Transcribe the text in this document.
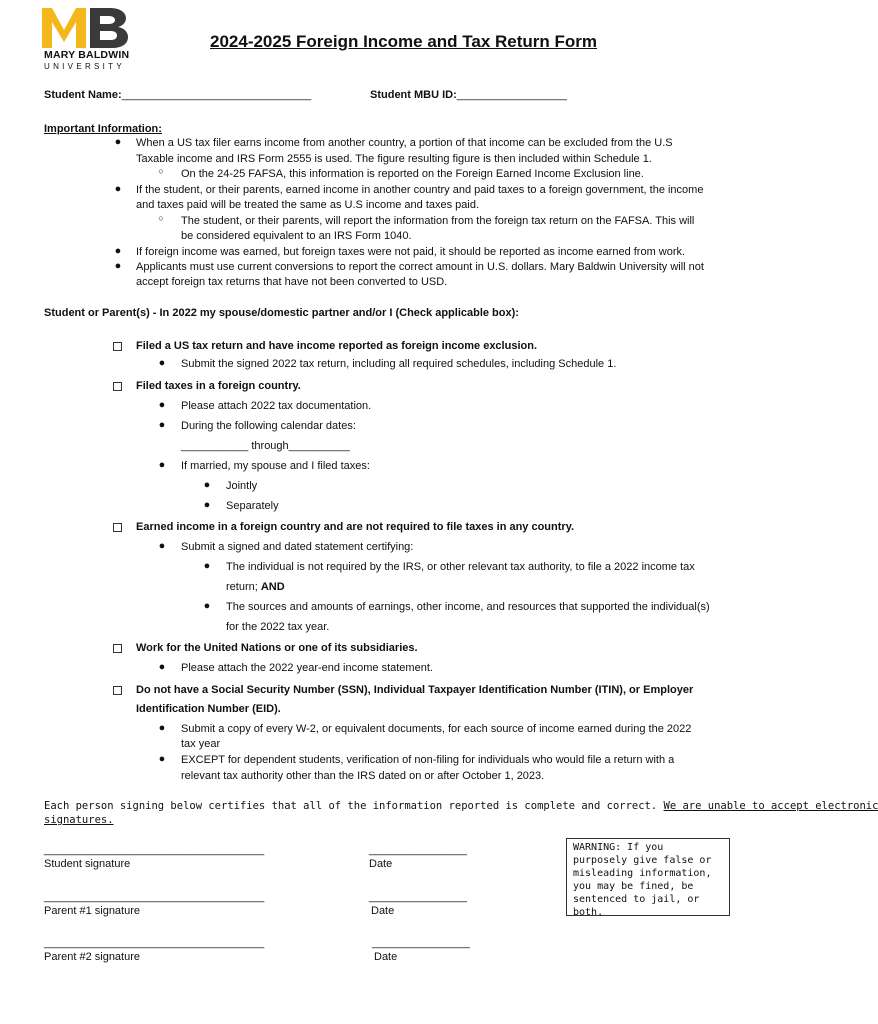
MARY BALDWIN
UNIVERSITY
2024-2025 Foreign Income and Tax Return Form
Student Name:_______________________________	Student MBU ID:__________________
Important Information:
● When a US tax filer earns income from another country, a portion of that income can be excluded from the U.S
Taxable income and IRS Form 2555 is used. The figure resulting figure is then included within Schedule 1.
○ On the 24-25 FAFSA, this information is reported on the Foreign Earned Income Exclusion line.
● If the student, or their parents, earned income in another country and paid taxes to a foreign government, the income
and taxes paid will be treated the same as U.S income and taxes paid.
○ The student, or their parents, will report the information from the foreign tax return on the FAFSA. This will
be considered equivalent to an IRS Form 1040.
● If foreign income was earned, but foreign taxes were not paid, it should be reported as income earned from work.
● Applicants must use current conversions to report the correct amount in U.S. dollars. Mary Baldwin University will not
accept foreign tax returns that have not been converted to USD.
Student or Parent(s) - In 2022 my spouse/domestic partner and/or I (Check applicable box):
Filed a US tax return and have income reported as foreign income exclusion.
● Submit the signed 2022 tax return, including all required schedules, including Schedule 1.
Filed taxes in a foreign country.
● Please attach 2022 tax documentation.
● During the following calendar dates:
___________ through__________
● If married, my spouse and I filed taxes:
● Jointly
● Separately
Earned income in a foreign country and are not required to file taxes in any country.
● Submit a signed and dated statement certifying:
● The individual is not required by the IRS, or other relevant tax authority, to file a 2022 income tax
return; AND
● The sources and amounts of earnings, other income, and resources that supported the individual(s)
for the 2022 tax year.
Work for the United Nations or one of its subsidiaries.
● Please attach the 2022 year-end income statement.
Do not have a Social Security Number (SSN), Individual Taxpayer Identification Number (ITIN), or Employer
Identification Number (EID).
● Submit a copy of every W-2, or equivalent documents, for each source of income earned during the 2022
tax year
● EXCEPT for dependent students, verification of non-filing for individuals who would file a return with a
relevant tax authority other than the IRS dated on or after October 1, 2023.
Each person signing below certifies that all of the information reported is complete and correct. We are unable to accept electronic
signatures.
____________________________________
Student signature
________________
Date
____________________________________
Parent #1 signature
________________
Date
____________________________________
Parent #2 signature
________________
Date
WARNING: If you purposely give false or misleading information, you may be fined, be sentenced to jail, or both.
